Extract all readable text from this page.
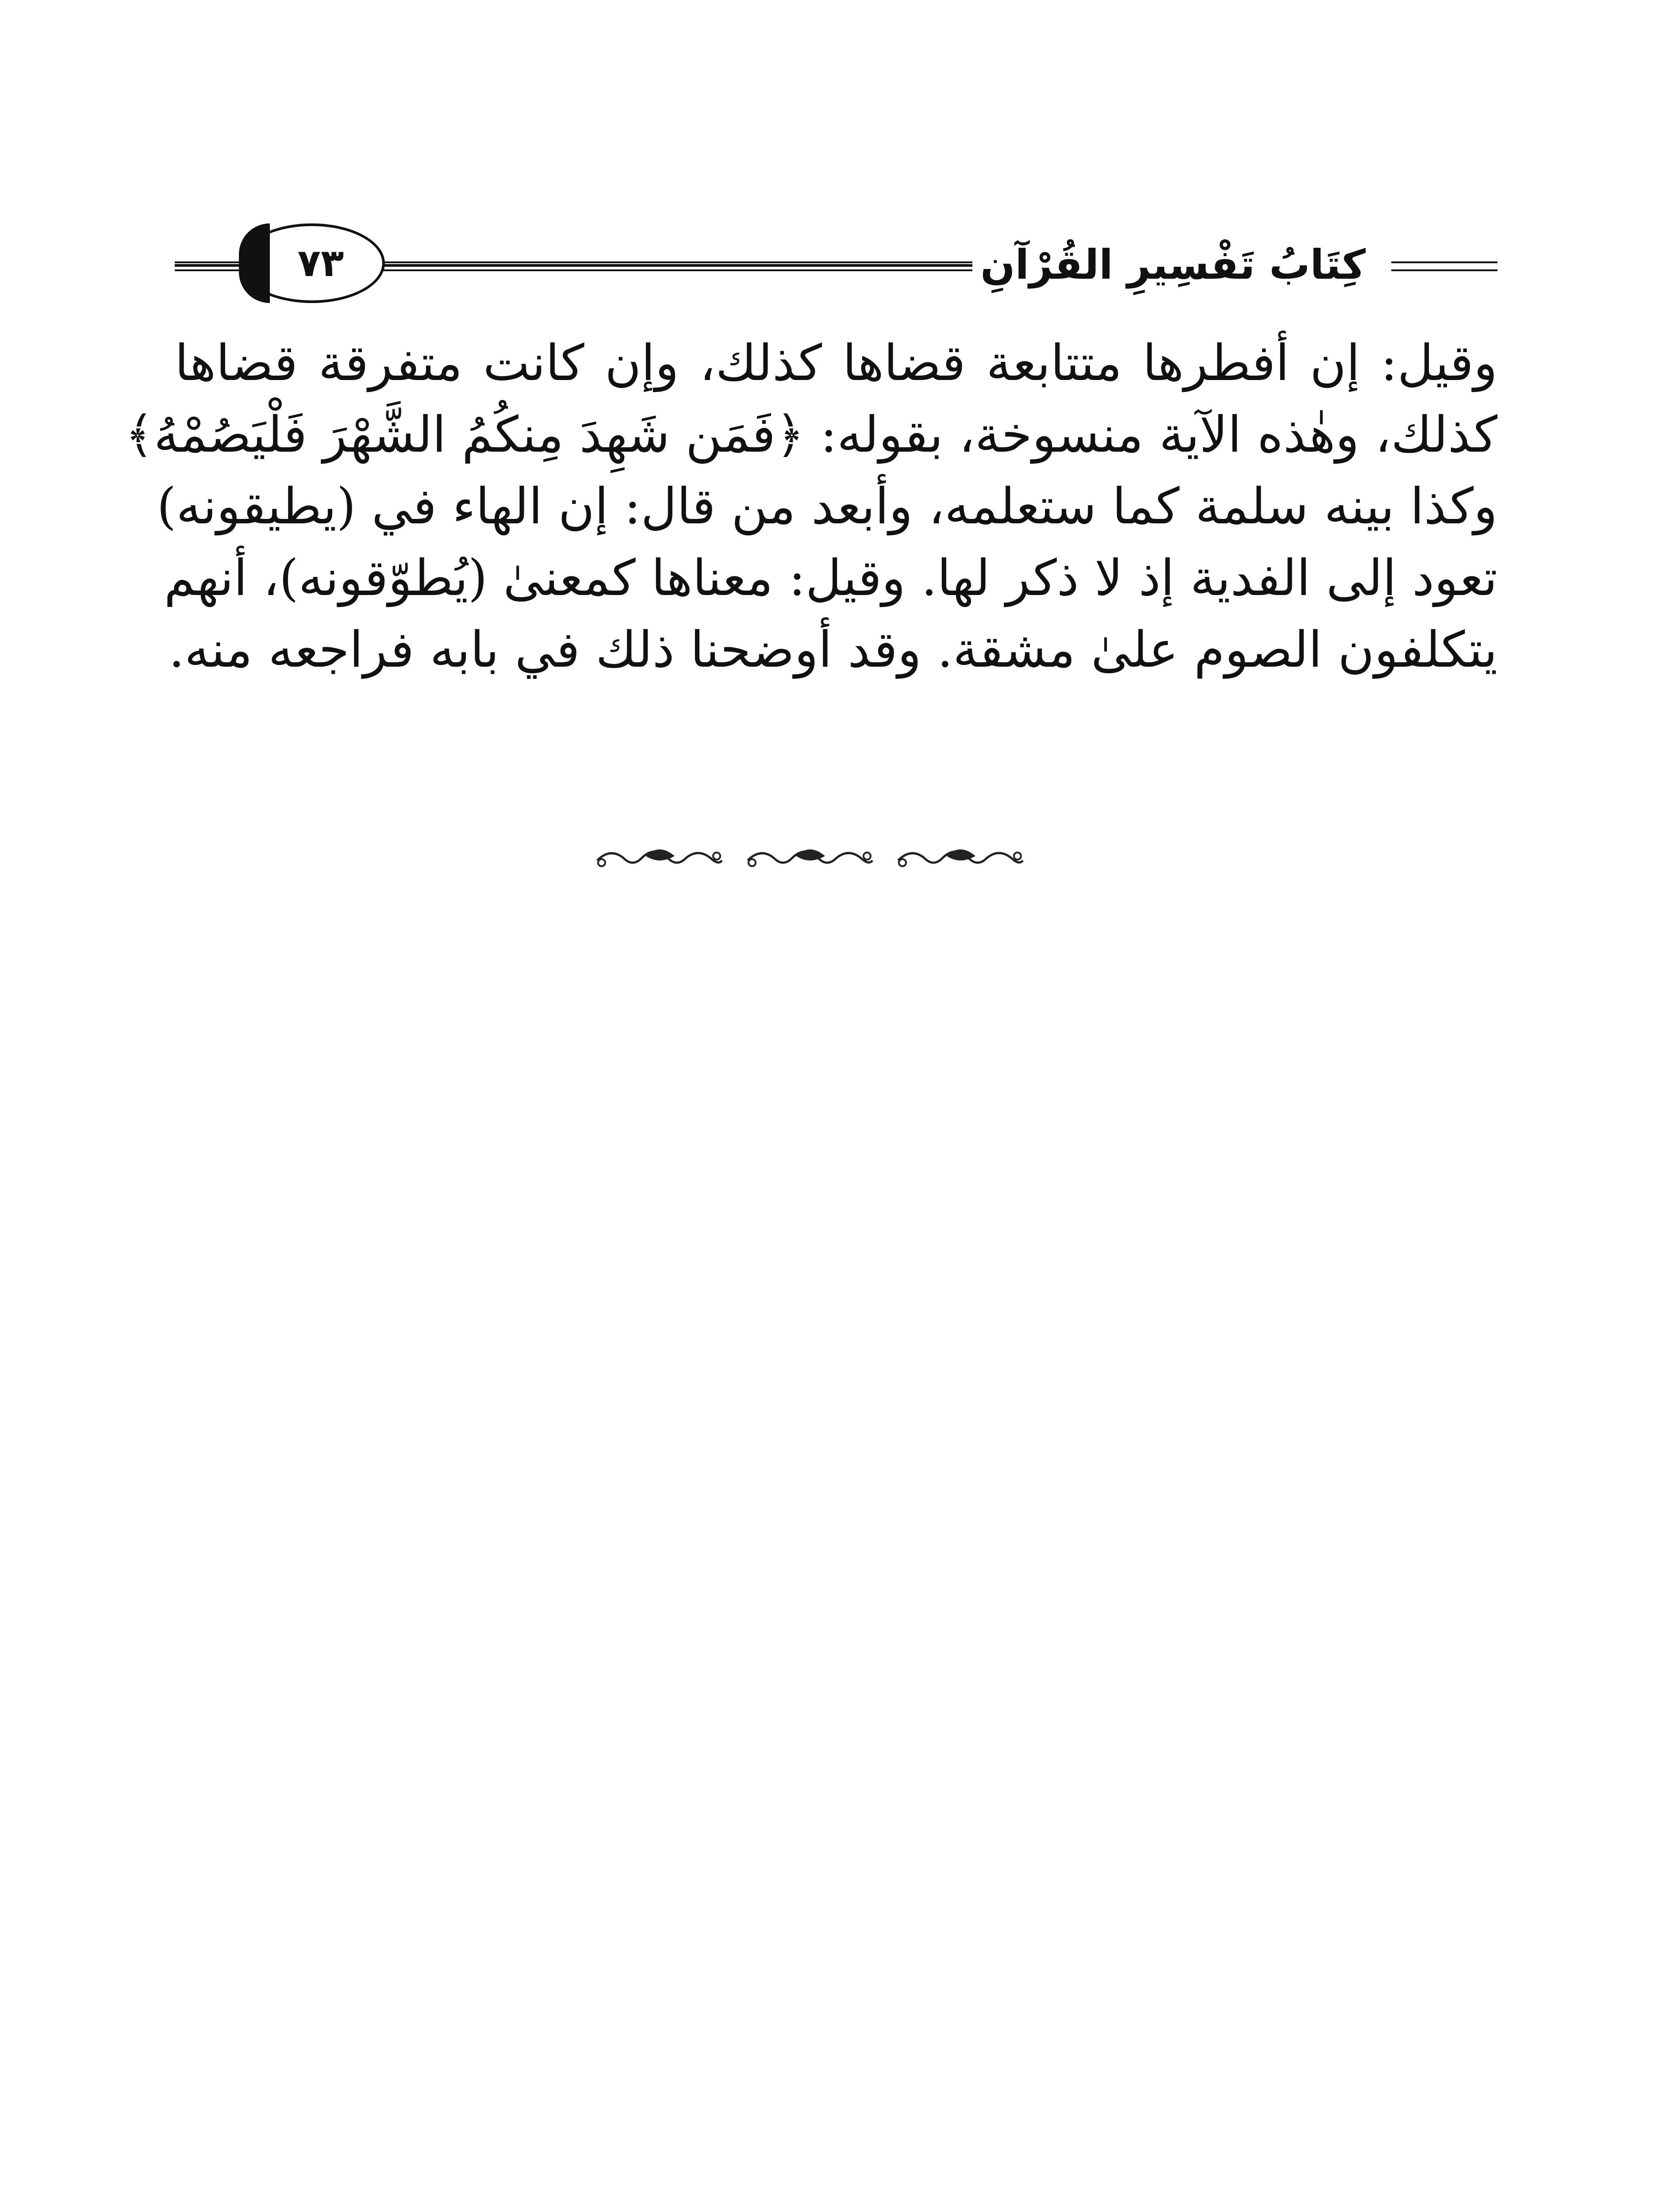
٧٣	كِتَابُ تَفْسِيرِ القُرْآنِ
وقيل: إن أفطرها متتابعة قضاها كذلك، وإن كانت متفرقة قضاها
كذلك، وهٰذه الآية منسوخة، بقوله: ﴿فَمَن شَهِدَ مِنكُمُ الشَّهْرَ فَلْيَصُمْهُ﴾
وكذا بينه سلمة كما ستعلمه، وأبعد من قال: إن الهاء في (يطيقونه)
تعود إلى الفدية إذ لا ذكر لها. وقيل: معناها كمعنىٰ (يُطوّقونه)، أنهم
يتكلفون الصوم علىٰ مشقة. وقد أوضحنا ذلك في بابه فراجعه منه.
